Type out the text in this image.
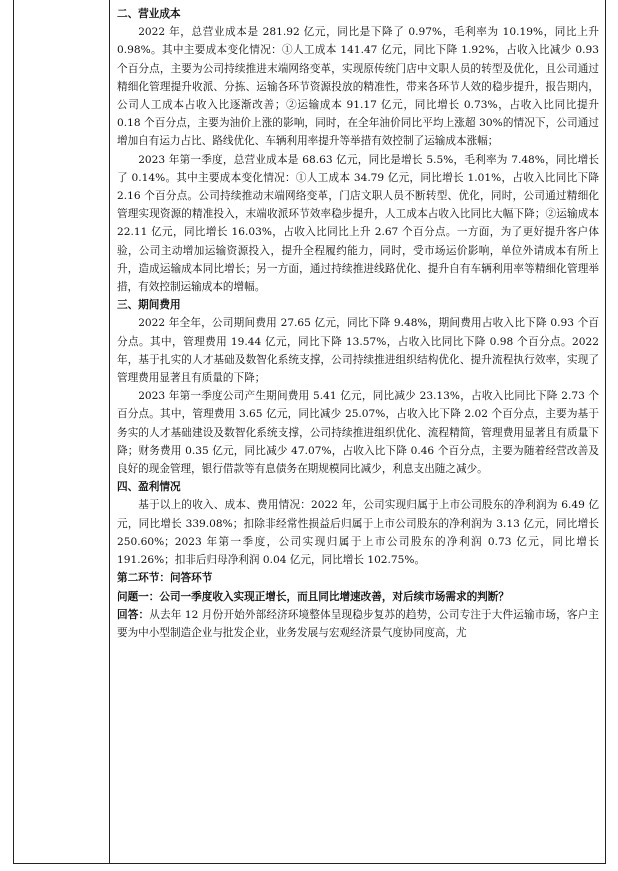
二、营业成本

2022 年，总营业成本是 281.92 亿元，同比是下降了 0.97%，毛利率为 10.19%，同比上升 0.98%。其中主要成本变化情况：①人工成本 141.47 亿元，同比下降 1.92%，占收入比减少 0.93 个百分点，主要为公司持续推进末端网络变革，实现原传统门店中文职人员的转型及优化，且公司通过精细化管理提升收派、分拣、运输各环节资源投放的精准性，带来各环节人效的稳步提升，报告期内，公司人工成本占收入比逐渐改善；②运输成本 91.17 亿元，同比增长 0.73%，占收入比同比提升 0.18 个百分点，主要为油价上涨的影响，同时，在全年油价同比平均上涨超 30%的情况下，公司通过增加自有运力占比、路线优化、车辆利用率提升等举措有效控制了运输成本涨幅；

2023 年第一季度，总营业成本是 68.63 亿元，同比是增长 5.5%，毛利率为 7.48%，同比增长了 0.14%。其中主要成本变化情况：①人工成本 34.79 亿元，同比增长 1.01%，占收入比同比下降 2.16 个百分点。公司持续推动末端网络变革，门店文职人员不断转型、优化，同时，公司通过精细化管理实现资源的精准投入，末端收派环节效率稳步提升，人工成本占收入比同比大幅下降；②运输成本 22.11 亿元，同比增长 16.03%，占收入比同比上升 2.67 个百分点。一方面，为了更好提升客户体验，公司主动增加运输资源投入，提升全程履约能力，同时，受市场运价影响，单位外请成本有所上升，造成运输成本同比增长；另一方面，通过持续推进线路优化、提升自有车辆利用率等精细化管理举措，有效控制运输成本的增幅。

三、期间费用

2022 年全年，公司期间费用 27.65 亿元，同比下降 9.48%，期间费用占收入比下降 0.93 个百分点。其中，管理费用 19.44 亿元，同比下降 13.57%，占收入比同比下降 0.98 个百分点。2022 年，基于扎实的人才基础及数智化系统支撑，公司持续推进组织结构优化、提升流程执行效率，实现了管理费用显著且有质量的下降；

2023 年第一季度公司产生期间费用 5.41 亿元，同比减少 23.13%，占收入比同比下降 2.73 个百分点。其中，管理费用 3.65 亿元，同比减少 25.07%，占收入比下降 2.02 个百分点，主要为基于务实的人才基础建设及数智化系统支撑，公司持续推进组织优化、流程精简，管理费用显著且有质量下降；财务费用 0.35 亿元，同比减少 47.07%，占收入比下降 0.46 个百分点，主要为随着经营改善及良好的现金管理，银行借款等有息债务在期规模同比减少，利息支出随之减少。

四、盈利情况

基于以上的收入、成本、费用情况：2022 年，公司实现归属于上市公司股东的净利润为 6.49 亿元，同比增长 339.08%；扣除非经常性损益后归属于上市公司股东的净利润为 3.13 亿元，同比增长 250.60%；2023 年第一季度，公司实现归属于上市公司股东的净利润 0.73 亿元，同比增长 191.26%；扣非后归母净利润 0.04 亿元，同比增长 102.75%。

第二环节：问答环节

问题一：公司一季度收入实现正增长，而且同比增速改善，对后续市场需求的判断？

回答：从去年 12 月份开始外部经济环境整体呈现稳步复苏的趋势，公司专注于大件运输市场，客户主要为中小型制造企业与批发企业，业务发展与宏观经济景气度协同度高，尤
